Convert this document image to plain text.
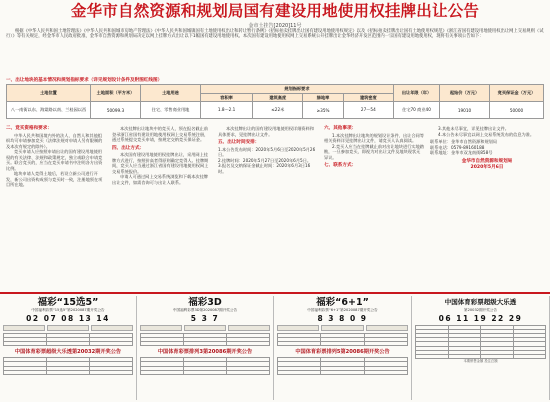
金华市自然资源和规划局国有建设用地使用权挂牌出让公告
金市土挂告[2020]11号
根据《中华人民共和国土地管理法》《中华人民共和国城市房地产管理法》《中华人民共和国城镇国有土地使用权出让和转让暂行条例》《招标拍卖挂牌出让国有建设用地使用权规定》以及《招标拍卖挂牌出让国有土地使用权规范》《浙江省国有建设用地使用权出让网上交易规则（试行）》等有关规定，经金华市人民政府批准，金华市自然资源和规划局决定以网上挂牌方式出让以下1幅国有建设用地使用权。本次国有建设用地使用权网上交易系统公开挂牌出让金华经济开发区范围内一宗国有建设用地使用权，现将有关事项公告如下：
一、出让地块的基本情况和规划指标要求（详见规划设计条件及附图红线图）
土地位置	土地面积（平方米）	土地用途	规划指标要求				出让年限（年）	起始价（万元）	竞买保证金（万元）
			容积率	建筑高度	绿地率	建筑密度			
八一南街以东、海棠路以南、兰桂园以西	50099.3	住宅、零售商业用地	1.8～2.1	≤22米	≥35%	27～54	住宅70 商业40	19010	50000
二、竞买资格和要求：

中华人民共和国境内外的法人、自然人和其他组织均可申请参加竞买（法律法规对申请人另有限制的及本次有规定的除外）。

竞买申请人应按照申请出让的国有建设用地使用权的有关法律、法规和政策规定，独立或联合申请竞买。联合竞买的，应当在竞买申请书中注明各方出资比例。

地块申请人竞得土地后，若设立新公司进行开发，新公司出资构成须与竞买时一致，注册地须在项目所在地。

本次挂牌出让地块中的竞买人，须在报名截止前登录浙江省国有建设用地使用权网上交易系统注册，通过系统提交竞买申请，按规定交纳竞买保证金。

四、出让方式：

本次国有建设用地使用权挂牌出让，采用网上挂牌方式进行，按照价高者得原则确定竞得人。挂牌期间，竞买人应当通过浙江省国有建设用地使用权网上交易系统报价。

申请人可通过网上交易系统浏览和下载本次挂牌出让文件，如需咨询可与出让人联系。

本次挂牌出让的国有建设用地使用权详细资料和具体要求，见挂牌出让文件。

五、出让时间安排：

1.本公告发布时间：2020年5月6日至2020年5月26日。

2.挂牌时间：2020年5月27日至2020年6月5日。

3.报名及交纳保证金截止时间：2020年6月3日16时。

六、其他事项：

1.本次挂牌出让地块的规划设计条件、出让合同等相关资料详见挂牌出让文件，请竞买人认真阅读。

2.竞买人应当在挂牌截止前对出让地块进行实地踏勘，一旦参加竞买，即视为对出让文件及地块现状无异议。

七、联系方式：

3.其他未尽事宜，详见挂牌出让文件。

4.本公告未尽事宜以网上交易系统发布的信息为准。

联系单位：金华市自然资源和规划局

联系电话：0579-89160188

联系地址：金华市双龙南街858号

金华市自然资源和规划局
2020年5月6日
福彩“15选5”
中国福利彩票“15选5”第2020087期开奖公告
02 07 08 13 14

中国体育彩票超级大乐透第20032期开奖公告

福彩3D
中国福利彩票3D第2020087期开奖公告
5 3 7

中国体育彩票排列3第20086期开奖公告

福彩“6+1”
中国福利彩票“6+1”第2020087期开奖公告
8 3 8 0 9

中国体育彩票排列5第20086期开奖公告

中国体育彩票超级大乐透
第20032期开奖公告
06 11 19 22 29

本期销售金额 投注总额
